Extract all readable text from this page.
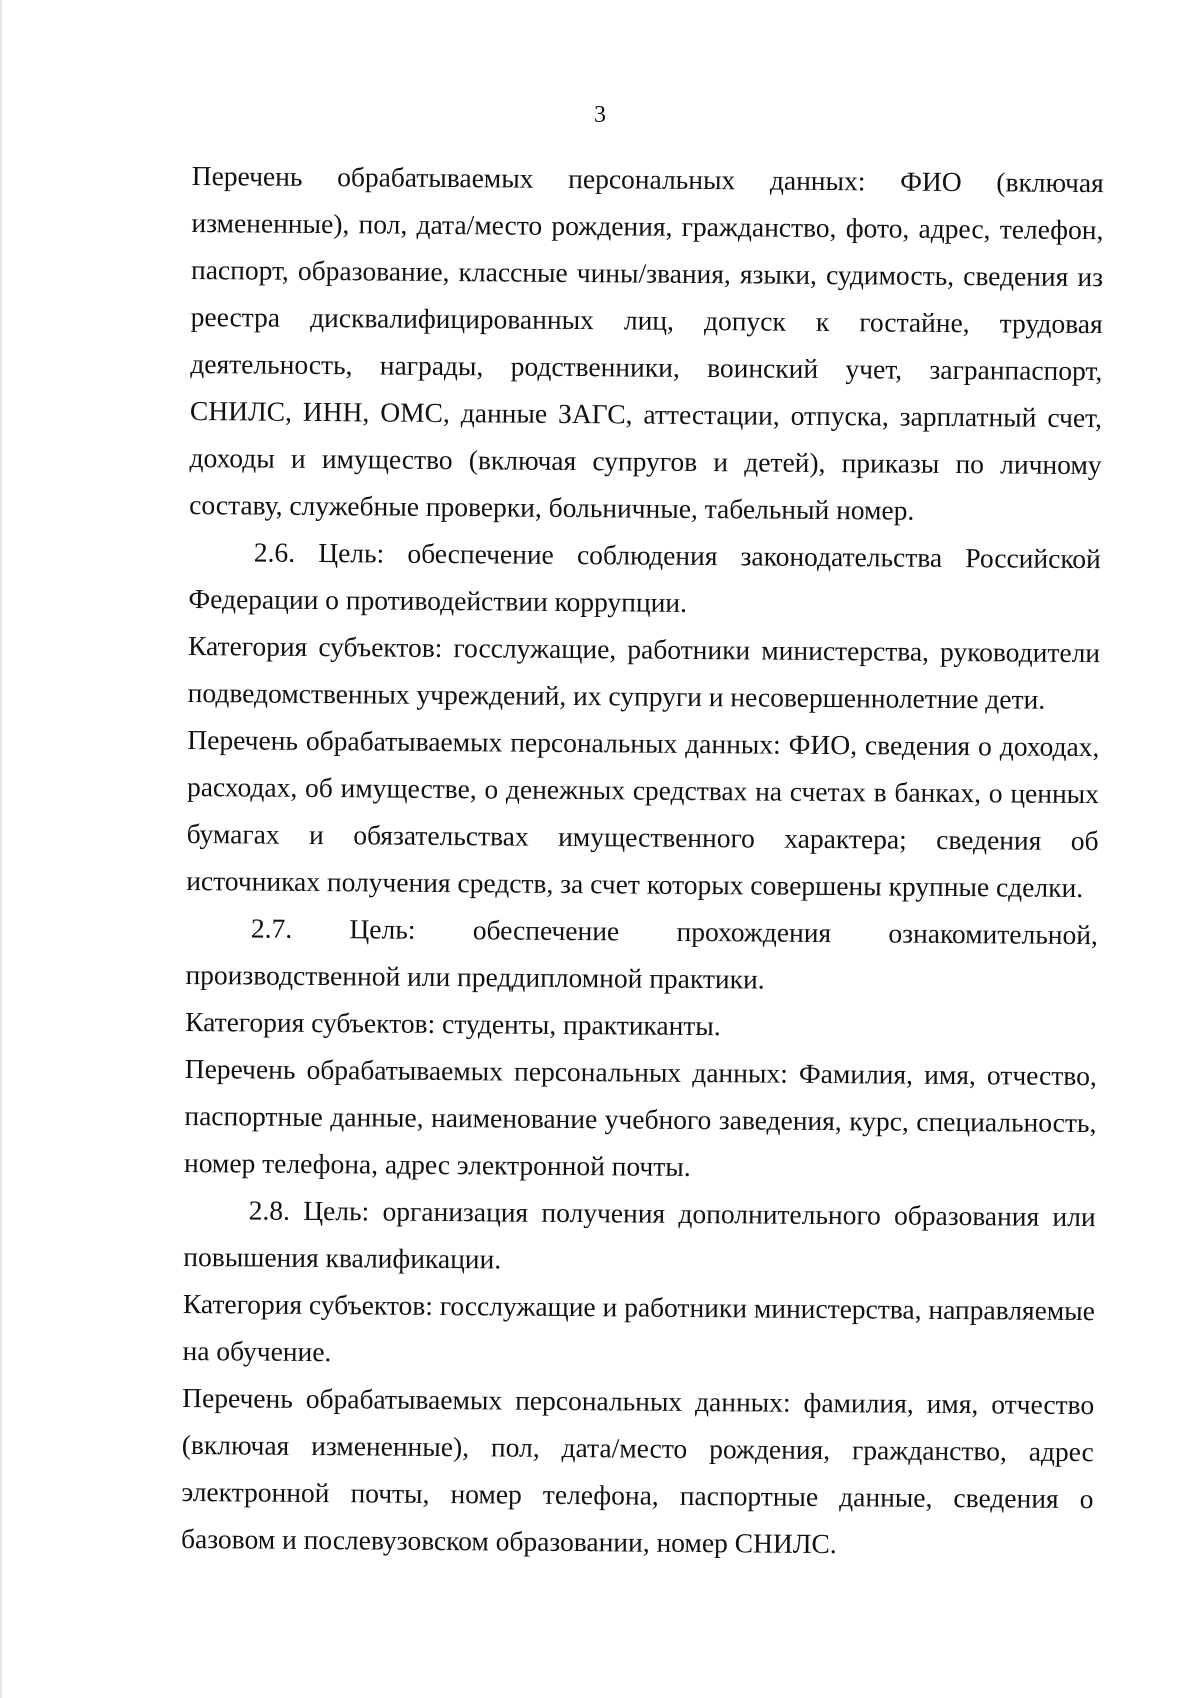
3

Перечень обрабатываемых персональных данных: ФИО (включая измененные), пол, дата/место рождения, гражданство, фото, адрес, телефон, паспорт, образование, классные чины/звания, языки, судимость, сведения из реестра дисквалифицированных лиц, допуск к гостайне, трудовая деятельность, награды, родственники, воинский учет, загранпаспорт, СНИЛС, ИНН, ОМС, данные ЗАГС, аттестации, отпуска, зарплатный счет, доходы и имущество (включая супругов и детей), приказы по личному составу, служебные проверки, больничные, табельный номер.

2.6. Цель: обеспечение соблюдения законодательства Российской Федерации о противодействии коррупции.

Категория субъектов: госслужащие, работники министерства, руководители подведомственных учреждений, их супруги и несовершеннолетние дети.

Перечень обрабатываемых персональных данных: ФИО, сведения о доходах, расходах, об имуществе, о денежных средствах на счетах в банках, о ценных бумагах и обязательствах имущественного характера; сведения об источниках получения средств, за счет которых совершены крупные сделки.

2.7. Цель: обеспечение прохождения ознакомительной, производственной или преддипломной практики.

Категория субъектов: студенты, практиканты.

Перечень обрабатываемых персональных данных: Фамилия, имя, отчество, паспортные данные, наименование учебного заведения, курс, специальность, номер телефона, адрес электронной почты.

2.8. Цель: организация получения дополнительного образования или повышения квалификации.

Категория субъектов: госслужащие и работники министерства, направляемые на обучение.

Перечень обрабатываемых персональных данных: фамилия, имя, отчество (включая измененные), пол, дата/место рождения, гражданство, адрес электронной почты, номер телефона, паспортные данные, сведения о базовом и послевузовском образовании, номер СНИЛС.
